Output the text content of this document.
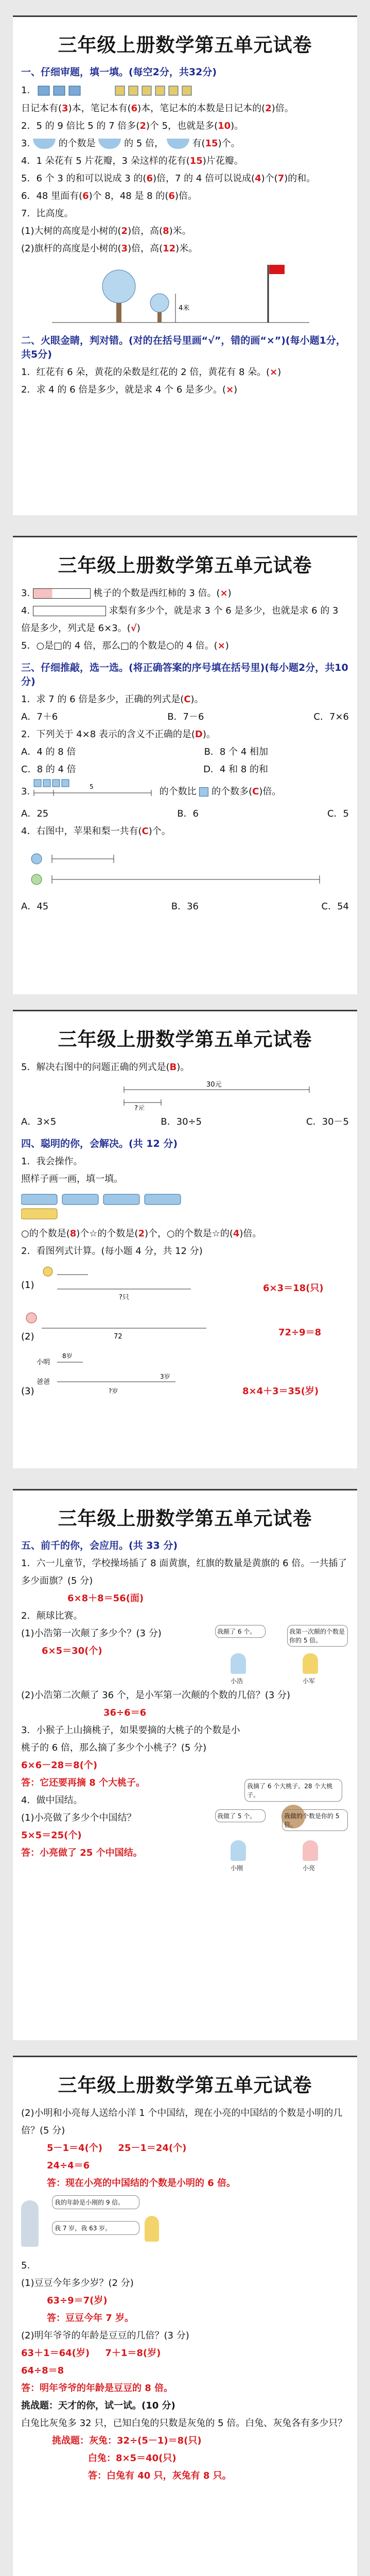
三年级上册数学第五单元试卷
一、仔细审题，填一填。(每空2分，共32分)

1.

日记本有(3)本，笔记本有(6)本，笔记本的本数是日记本的(2)倍。

2．5 的 9 倍比 5 的 7 倍多(2)个 5，也就是多(10)。

3.	的个数是	的 5 倍，	有(15)个。

4．1 朵花有 5 片花瓣，3 朵这样的花有(15)片花瓣。

5．6 个 3 的和可以说成 3 的(6)倍，7 的 4 倍可以说成(4)个(7)的和。

6．48 里面有(6)个 8，48 是 8 的(6)倍。

7．比高度。

(1)大树的高度是小树的(2)倍，高(8)米。

(2)旗杆的高度是小树的(3)倍，高(12)米。

4米
二、火眼金睛，判对错。(对的在括号里画“√”，错的画“×”)(每小题1分，共5分)

1．红花有 6 朵，黄花的朵数是红花的 2 倍，黄花有 8 朵。(×)

2．求 4 的 6 倍是多少，就是求 4 个 6 是多少。(×)

三年级上册数学第五单元试卷

3.	桃子的个数是西红柿的 3 倍。(×)

4.	求梨有多少个，就是求 3 个 6 是多少，也就是求 6 的 3 倍是多少，列式是 6×3。(√)

5．○是□的 4 倍，那么□的个数是○的 4 倍。(×)

三、仔细推敲，选一选。(将正确答案的序号填在括号里)(每小题2分，共10分)

1．求 7 的 6 倍是多少，正确的列式是(C)。

A．7＋6	B．7－6	C．7×6

2．下列关于 4×8 表示的含义不正确的是(D)。

A．4 的 8 倍	B．8 个 4 相加
C．8 的 4 倍	D．4 和 8 的和

3.	5	的个数比 的个数多(C)倍。

A．25	B．6	C．5

4．右图中，苹果和梨一共有(C)个。

A．45	B．36	C．54
三年级上册数学第五单元试卷

5．解决右图中的问题正确的列式是(B)。

30元
?元
A．3×5	B．30÷5	C．30－5
四、聪明的你，会解决。(共 12 分)

1．我会操作。

照样子画一画，填一填。

○的个数是(8)个☆的个数是(2)个，○的个数是☆的(4)倍。

2．看图列式计算。(每小题 4 分，共 12 分)

(1)
?只
6×3＝18(只)
72
(2)	72÷9＝8
(3)
小明
8岁
爸爸
3岁
?岁	8×4＋3＝35(岁)
三年级上册数学第五单元试卷
五、前千的你，会应用。(共 33 分)

1．六一儿童节，学校操场插了 8 面黄旗，红旗的数量是黄旗的 6 倍。一共插了多少面旗？(5 分)

6×8＋8＝56(面)

2．颠球比赛。

(1)小浩第一次颠了多少个？(3 分)

6×5＝30(个)

我颠了 6 个。	我第一次颠的个数是你的 5 倍。
小浩	小军

(2)小浩第二次颠了 36 个，是小军第一次颠的个数的几倍？(3 分)

36÷6＝6

3．小猴子上山摘桃子，如果要摘的大桃子的个数是小桃子的 6 倍，那么摘了多少个小桃子？(5 分)

我摘了 6 个大桃子。28 个大桃子。

6×6－28＝8(个)

答：它还要再摘 8 个大桃子。

4．做中国结。

(1)小亮做了多少个中国结？

5×5＝25(个)

答：小亮做了 25 个中国结。

我做了 5 个。	我做的个数是你的 5 倍。
小刚	小亮
三年级上册数学第五单元试卷

(2)小明和小亮每人送给小洋 1 个中国结，现在小亮的中国结的个数是小明的几倍？(5 分)

5－1＝4(个) 25－1＝24(个)

24÷4＝6

答：现在小亮的中国结的个数是小明的 6 倍。

我的年龄是小刚的 9 倍。
我 7 岁，我 63 岁。

5.

(1)豆豆今年多少岁？(2 分)

63÷9＝7(岁)

答：豆豆今年 7 岁。

(2)明年爷爷的年龄是豆豆的几倍？(3 分)

63＋1＝64(岁) 7＋1＝8(岁)

64÷8＝8

答：明年爷爷的年龄是豆豆的 8 倍。

挑战题：天才的你，试一试。(10 分)

白兔比灰兔多 32 只，已知白兔的只数是灰兔的 5 倍。白兔、灰兔各有多少只？

挑战题：灰兔：32÷(5－1)＝8(只)

白兔：8×5＝40(只)

答：白兔有 40 只，灰兔有 8 只。
